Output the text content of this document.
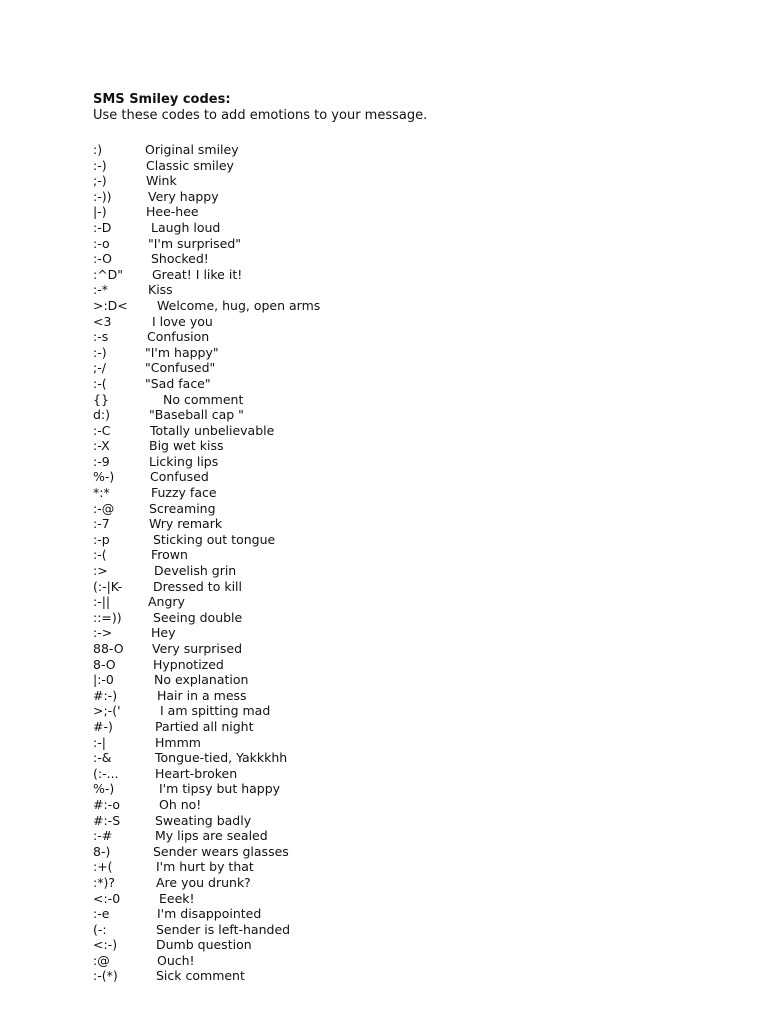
SMS Smiley codes:
Use these codes to add emotions to your message.
:)	Original smiley
:-)	Classic smiley
;-)	Wink
:-))	Very happy
|-)	Hee-hee
:-D	Laugh loud
:-o	"I'm surprised"
:-O	Shocked!
:^D" Great! I like it!
:-*	Kiss
>:D< Welcome, hug, open arms
<3	I love you
:-s	Confusion
:-)	"I'm happy"
;-/	"Confused"
:-(	"Sad face"
{}	No comment
d:)	"Baseball cap "
:-C	Totally unbelievable
:-X	Big wet kiss
:-9	Licking lips
%-)	Confused
*:*	Fuzzy face
:-@	Screaming
:-7	Wry remark
:-p	Sticking out tongue
:-(	Frown
:>	Develish grin
(:-|K- Dressed to kill
:-||	Angry
::=))	Seeing double
:->	Hey
88-O Very surprised
8-O	Hypnotized
|:-0	No explanation
#:-)	Hair in a mess
>;-('	I am spitting mad
#-)	Partied all night
:-|	Hmmm
:-&	Tongue-tied, Yakkkhh
(:-...	Heart-broken
%-)	I'm tipsy but happy
#:-o	Oh no!
#:-S	Sweating badly
:-#	My lips are sealed
8-)	Sender wears glasses
:+(	I'm hurt by that
:*)?	Are you drunk?
<:-0	Eeek!
:-e	I'm disappointed
(-:	Sender is left-handed
<:-)	Dumb question
:@	Ouch!
:-(*)	Sick comment
